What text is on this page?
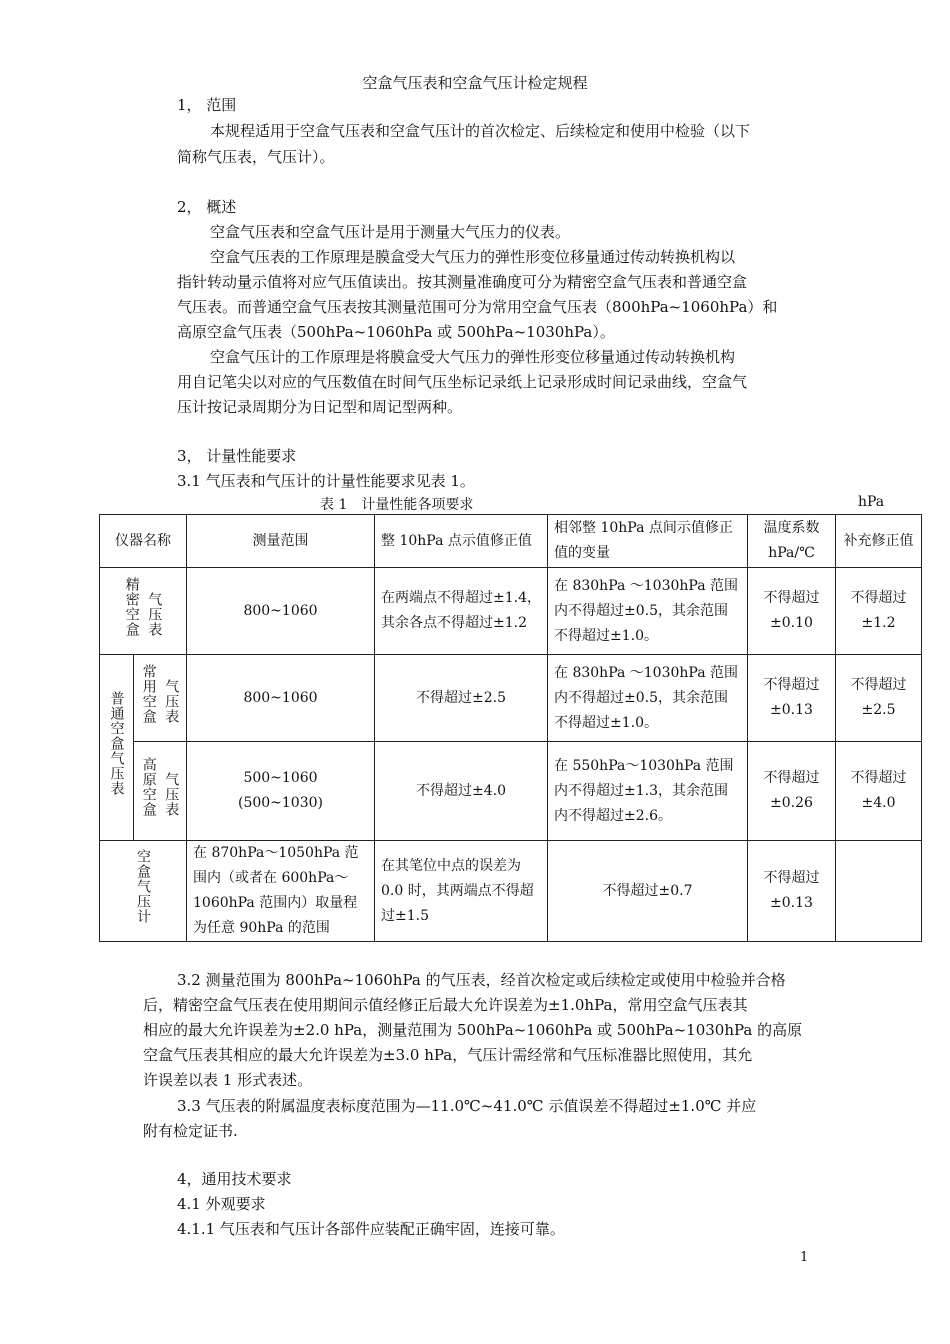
空盒气压表和空盒气压计检定规程
1， 范围
本规程适用于空盒气压表和空盒气压计的首次检定、后续检定和使用中检验（以下
简称气压表，气压计）。
2， 概述
空盒气压表和空盒气压计是用于测量大气压力的仪表。
空盒气压表的工作原理是膜盒受大气压力的弹性形变位移量通过传动转换机构以
指针转动量示值将对应气压值读出。按其测量准确度可分为精密空盒气压表和普通空盒
气压表。而普通空盒气压表按其测量范围可分为常用空盒气压表（800hPa~1060hPa）和
高原空盒气压表（500hPa~1060hPa 或 500hPa~1030hPa）。
空盒气压计的工作原理是将膜盒受大气压力的弹性形变位移量通过传动转换机构
用自记笔尖以对应的气压数值在时间气压坐标记录纸上记录形成时间记录曲线，空盒气
压计按记录周期分为日记型和周记型两种。
3， 计量性能要求
3.1 气压表和气压计的计量性能要求见表 1。
表 1　计量性能各项要求	hPa
仪器名称		测量范围	整 10hPa 点示值修正值	相邻整 10hPa 点间示值修正值的变量	温度系数 hPa/℃	补充修正值
精密空盒 气压表		800~1060	在两端点不得超过±1.4，其余各点不得超过±1.2	在 830hPa ～1030hPa 范围内不得超过±0.5，其余范围不得超过±1.0。	不得超过±0.10	不得超过±1.2
普通空盒气压表	常用空盒 气压表	800~1060	不得超过±2.5	在 830hPa ～1030hPa 范围内不得超过±0.5，其余范围不得超过±1.0。	不得超过±0.13	不得超过±2.5
	高原空盒 气压表	500~1060
(500~1030)	不得超过±4.0	在 550hPa～1030hPa 范围内不得超过±1.3，其余范围内不得超过±2.6。	不得超过±0.26	不得超过±4.0
空盒气压计		在 870hPa～1050hPa 范围内（或者在 600hPa～1060hPa 范围内）取量程为任意 90hPa 的范围	在其笔位中点的误差为 0.0 时，其两端点不得超过±1.5	不得超过±0.7	不得超过±0.13	
3.2 测量范围为 800hPa~1060hPa 的气压表，经首次检定或后续检定或使用中检验并合格
后，精密空盒气压表在使用期间示值经修正后最大允许误差为±1.0hPa，常用空盒气压表其
相应的最大允许误差为±2.0 hPa，测量范围为 500hPa~1060hPa 或 500hPa~1030hPa 的高原
空盒气压表其相应的最大允许误差为±3.0 hPa，气压计需经常和气压标准器比照使用，其允
许误差以表 1 形式表述。
3.3 气压表的附属温度表标度范围为—11.0℃~41.0℃ 示值误差不得超过±1.0℃ 并应
附有检定证书.
4，通用技术要求
4.1 外观要求
4.1.1 气压表和气压计各部件应装配正确牢固，连接可靠。
1
